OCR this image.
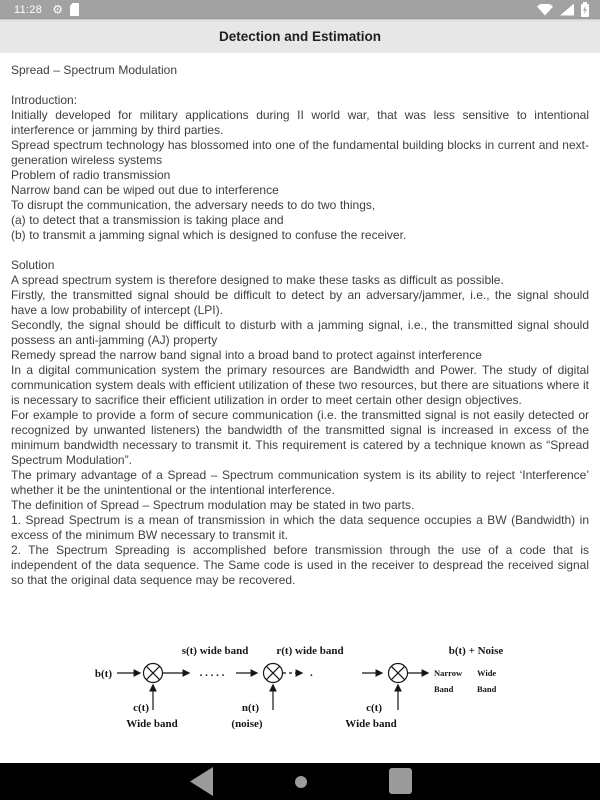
11:28 ⚙
Detection and Estimation
Spread – Spectrum Modulation
Introduction:
Initially developed for military applications during II world war, that was less sensitive to intentional interference or jamming by third parties.
Spread spectrum technology has blossomed into one of the fundamental building blocks in current and next-generation wireless systems
Problem of radio transmission
Narrow band can be wiped out due to interference
To disrupt the communication, the adversary needs to do two things,
(a) to detect that a transmission is taking place and
(b) to transmit a jamming signal which is designed to confuse the receiver.
Solution
A spread spectrum system is therefore designed to make these tasks as difficult as possible.
Firstly, the transmitted signal should be difficult to detect by an adversary/jammer, i.e., the signal should have a low probability of intercept (LPI).
Secondly, the signal should be difficult to disturb with a jamming signal, i.e., the transmitted signal should possess an anti-jamming (AJ) property
Remedy spread the narrow band signal into a broad band to protect against interference
In a digital communication system the primary resources are Bandwidth and Power. The study of digital communication system deals with efficient utilization of these two resources, but there are situations where it is necessary to sacrifice their efficient utilization in order to meet certain other design objectives.
For example to provide a form of secure communication (i.e. the transmitted signal is not easily detected or recognized by unwanted listeners) the bandwidth of the transmitted signal is increased in excess of the minimum bandwidth necessary to transmit it. This requirement is catered by a technique known as “Spread Spectrum Modulation”.
The primary advantage of a Spread – Spectrum communication system is its ability to reject ‘Interference’ whether it be the unintentional or the intentional interference.
The definition of Spread – Spectrum modulation may be stated in two parts.
1. Spread Spectrum is a mean of transmission in which the data sequence occupies a BW (Bandwidth) in excess of the minimum BW necessary to transmit it.
2. The Spectrum Spreading is accomplished before transmission through the use of a code that is independent of the data sequence. The Same code is used in the receiver to despread the received signal so that the original data sequence may be recovered.
s(t) wide band	r(t) wide band	b(t) + Noise
b(t)
c(t)
Wide band
. . . . .	.
n(t)
(noise)
c(t)
Wide band
Narrow
Band
Wide
Band
